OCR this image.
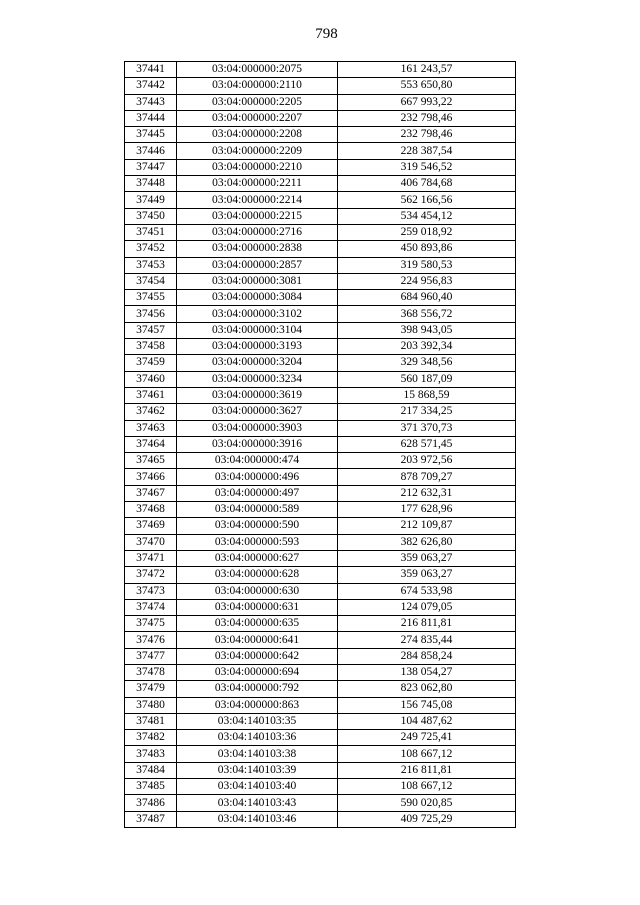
798
37441	03:04:000000:2075	161 243,57
37442	03:04:000000:2110	553 650,80
37443	03:04:000000:2205	667 993,22
37444	03:04:000000:2207	232 798,46
37445	03:04:000000:2208	232 798,46
37446	03:04:000000:2209	228 387,54
37447	03:04:000000:2210	319 546,52
37448	03:04:000000:2211	406 784,68
37449	03:04:000000:2214	562 166,56
37450	03:04:000000:2215	534 454,12
37451	03:04:000000:2716	259 018,92
37452	03:04:000000:2838	450 893,86
37453	03:04:000000:2857	319 580,53
37454	03:04:000000:3081	224 956,83
37455	03:04:000000:3084	684 960,40
37456	03:04:000000:3102	368 556,72
37457	03:04:000000:3104	398 943,05
37458	03:04:000000:3193	203 392,34
37459	03:04:000000:3204	329 348,56
37460	03:04:000000:3234	560 187,09
37461	03:04:000000:3619	15 868,59
37462	03:04:000000:3627	217 334,25
37463	03:04:000000:3903	371 370,73
37464	03:04:000000:3916	628 571,45
37465	03:04:000000:474	203 972,56
37466	03:04:000000:496	878 709,27
37467	03:04:000000:497	212 632,31
37468	03:04:000000:589	177 628,96
37469	03:04:000000:590	212 109,87
37470	03:04:000000:593	382 626,80
37471	03:04:000000:627	359 063,27
37472	03:04:000000:628	359 063,27
37473	03:04:000000:630	674 533,98
37474	03:04:000000:631	124 079,05
37475	03:04:000000:635	216 811,81
37476	03:04:000000:641	274 835,44
37477	03:04:000000:642	284 858,24
37478	03:04:000000:694	138 054,27
37479	03:04:000000:792	823 062,80
37480	03:04:000000:863	156 745,08
37481	03:04:140103:35	104 487,62
37482	03:04:140103:36	249 725,41
37483	03:04:140103:38	108 667,12
37484	03:04:140103:39	216 811,81
37485	03:04:140103:40	108 667,12
37486	03:04:140103:43	590 020,85
37487	03:04:140103:46	409 725,29
